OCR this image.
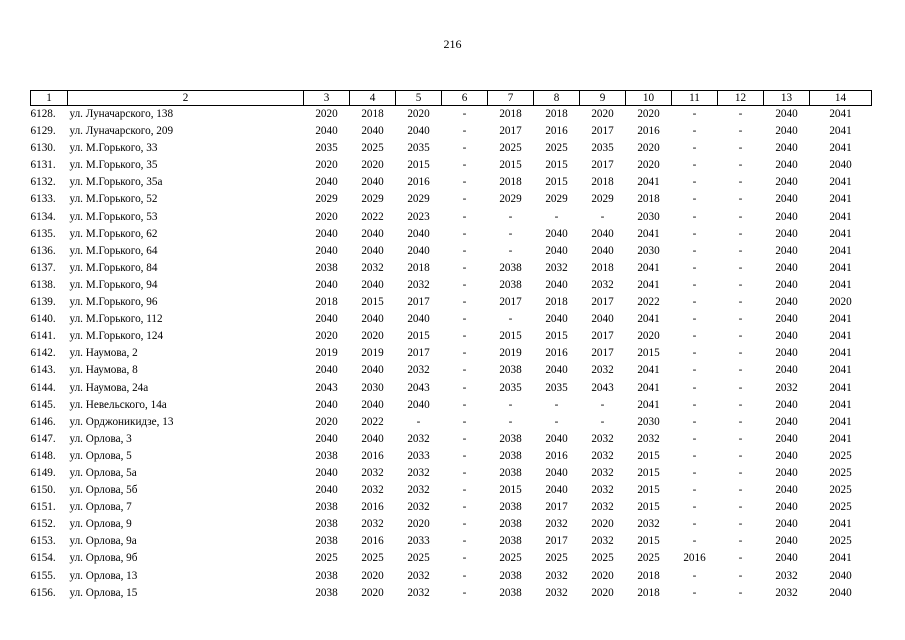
216
1	2	3	4	5	6	7	8	9	10	11	12	13	14
6128.	ул. Луначарского, 138	2020	2018	2020	-	2018	2018	2020	2020	-	-	2040	2041
6129.	ул. Луначарского, 209	2040	2040	2040	-	2017	2016	2017	2016	-	-	2040	2041
6130.	ул. М.Горького, 33	2035	2025	2035	-	2025	2025	2035	2020	-	-	2040	2041
6131.	ул. М.Горького, 35	2020	2020	2015	-	2015	2015	2017	2020	-	-	2040	2040
6132.	ул. М.Горького, 35а	2040	2040	2016	-	2018	2015	2018	2041	-	-	2040	2041
6133.	ул. М.Горького, 52	2029	2029	2029	-	2029	2029	2029	2018	-	-	2040	2041
6134.	ул. М.Горького, 53	2020	2022	2023	-	-	-	-	2030	-	-	2040	2041
6135.	ул. М.Горького, 62	2040	2040	2040	-	-	2040	2040	2041	-	-	2040	2041
6136.	ул. М.Горького, 64	2040	2040	2040	-	-	2040	2040	2030	-	-	2040	2041
6137.	ул. М.Горького, 84	2038	2032	2018	-	2038	2032	2018	2041	-	-	2040	2041
6138.	ул. М.Горького, 94	2040	2040	2032	-	2038	2040	2032	2041	-	-	2040	2041
6139.	ул. М.Горького, 96	2018	2015	2017	-	2017	2018	2017	2022	-	-	2040	2020
6140.	ул. М.Горького, 112	2040	2040	2040	-	-	2040	2040	2041	-	-	2040	2041
6141.	ул. М.Горького, 124	2020	2020	2015	-	2015	2015	2017	2020	-	-	2040	2041
6142.	ул. Наумова, 2	2019	2019	2017	-	2019	2016	2017	2015	-	-	2040	2041
6143.	ул. Наумова, 8	2040	2040	2032	-	2038	2040	2032	2041	-	-	2040	2041
6144.	ул. Наумова, 24а	2043	2030	2043	-	2035	2035	2043	2041	-	-	2032	2041
6145.	ул. Невельского, 14а	2040	2040	2040	-	-	-	-	2041	-	-	2040	2041
6146.	ул. Орджоникидзе, 13	2020	2022	-	-	-	-	-	2030	-	-	2040	2041
6147.	ул. Орлова, 3	2040	2040	2032	-	2038	2040	2032	2032	-	-	2040	2041
6148.	ул. Орлова, 5	2038	2016	2033	-	2038	2016	2032	2015	-	-	2040	2025
6149.	ул. Орлова, 5а	2040	2032	2032	-	2038	2040	2032	2015	-	-	2040	2025
6150.	ул. Орлова, 5б	2040	2032	2032	-	2015	2040	2032	2015	-	-	2040	2025
6151.	ул. Орлова, 7	2038	2016	2032	-	2038	2017	2032	2015	-	-	2040	2025
6152.	ул. Орлова, 9	2038	2032	2020	-	2038	2032	2020	2032	-	-	2040	2041
6153.	ул. Орлова, 9а	2038	2016	2033	-	2038	2017	2032	2015	-	-	2040	2025
6154.	ул. Орлова, 9б	2025	2025	2025	-	2025	2025	2025	2025	2016	-	2040	2041
6155.	ул. Орлова, 13	2038	2020	2032	-	2038	2032	2020	2018	-	-	2032	2040
6156.	ул. Орлова, 15	2038	2020	2032	-	2038	2032	2020	2018	-	-	2032	2040
